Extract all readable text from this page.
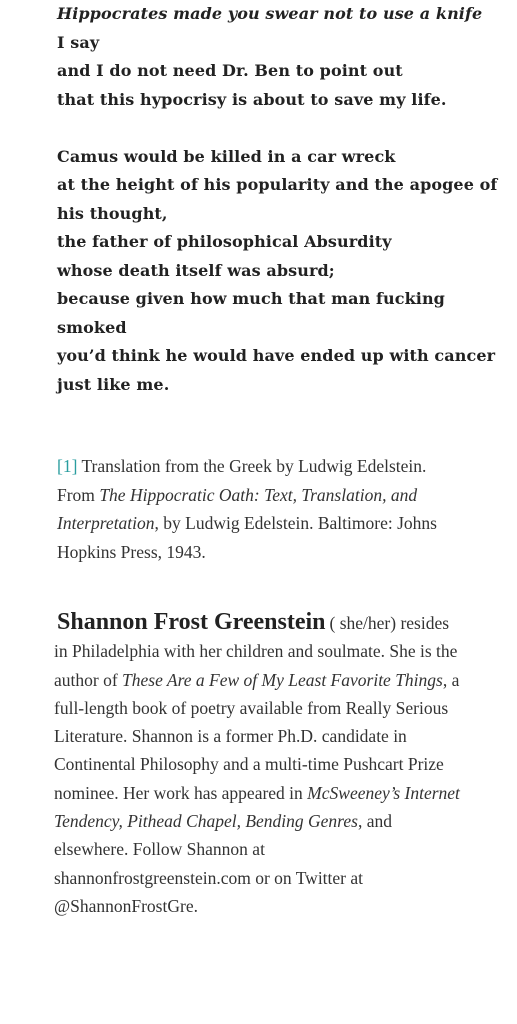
Hippocrates made you swear not to use a knife
I say
and I do not need Dr. Ben to point out
that this hypocrisy is about to save my life.
Camus would be killed in a car wreck
at the height of his popularity and the apogee of
his thought,
the father of philosophical Absurdity
whose death itself was absurd;
because given how much that man fucking
smoked
you’d think he would have ended up with cancer
just like me.
[1] Translation from the Greek by Ludwig Edelstein.
From The Hippocratic Oath: Text, Translation, and
Interpretation, by Ludwig Edelstein. Baltimore: Johns
Hopkins Press, 1943.
Shannon Frost Greenstein ( she/her) resides
in Philadelphia with her children and soulmate. She is the
author of These Are a Few of My Least Favorite Things, a
full-length book of poetry available from Really Serious
Literature. Shannon is a former Ph.D. candidate in
Continental Philosophy and a multi-time Pushcart Prize
nominee. Her work has appeared in McSweeney’s Internet
Tendency, Pithead Chapel, Bending Genres, and
elsewhere. Follow Shannon at
shannonfrostgreenstein.com or on Twitter at
@ShannonFrostGre.
